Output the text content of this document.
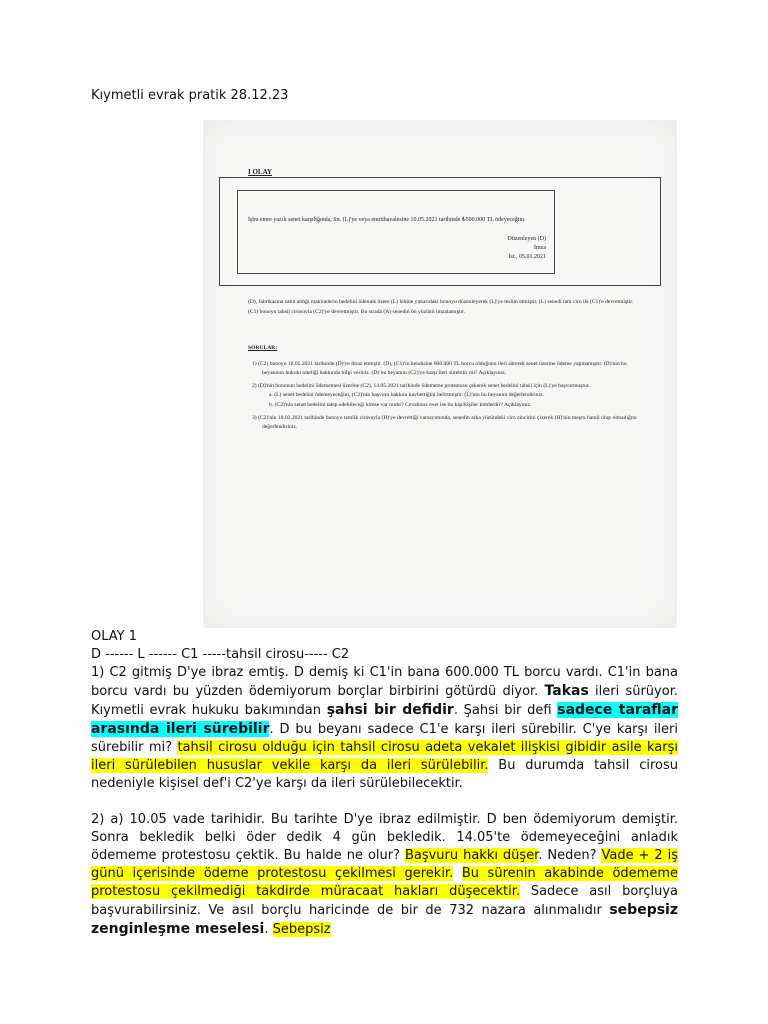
Kıymetli evrak pratik 28.12.23
I OLAY
İşbu emre yazılı senet karşılığında, Sn. (L)'ye veya emrühavalesine 10.05.2021 tarihinde ₺500.000 TL ödeyeceğim.
Düzenleyen (D)
İmza
İst., 05.01.2021

(D), fabrikasına satın aldığı makinelerin bedelini ödemek üzere (L) lehine yukarıdaki bonoyu düzenleyerek (L)'ye teslim etmiştir. (L) senedi tam ciro ile (C1)'e devretmiştir. (C1) bonoyu tahsil cirosuyla (C2)'ye devretmiştir. Bu sırada (A) senedin ön yüzünü imzalamıştır.

SORULAR:

1) (C2) bonoyu 10.05.2021 tarihinde (D)'ye ibraz etmiştir. (D), (C1)'in kendisine 600.000 TL borcu olduğunu ileri sürerek senet üzerine ödeme yapmamıştır. (D)'nin bu beyanının hukuki niteliği hakkında bilgi veriniz. (D) bu beyanını (C2)'ye karşı ileri sürebilir mi? Açıklayınız.

2) (D)'nin bononun bedelini ödememesi üzerine (C2), 14.05.2021 tarihinde ödememe protestosu çekerek senet bedelini tahsil için (L)'ye başvurmuştur.

a. (L) senet bedelini ödemeyeceğini, (C2)'nin başvuru hakkını kaybettiğini belirtmiştir. (L)'nin bu beyanını değerlendiriniz.

b. (C2)'nin senet bedelini talep edebileceği kimse var mıdır? Cevabınız evet ise bu kişi/kişiler kimlerdir? Açıklayınız.

3) (C2)'nin 10.03.2021 tarihinde bonoyu temlik cirosuyla (H)'ye devrettiği varsayımında, senedin arka yüzündeki ciro zincirini çizerek (H)'nin meşru hamil olup olmadığını değerlendiriniz.

OLAY 1

D ------ L ------ C1 -----tahsil cirosu----- C2

1) C2 gitmiş D'ye ibraz emtiş. D demiş ki C1'in bana 600.000 TL borcu vardı. C1'in bana borcu vardı bu yüzden ödemiyorum borçlar birbirini götürdü diyor. Takas ileri sürüyor. Kıymetli evrak hukuku bakımından şahsi bir defidir. Şahsi bir defi sadece taraflar arasında ileri sürebilir. D bu beyanı sadece C1'e karşı ileri sürebilir. C'ye karşı ileri sürebilir mi? tahsil cirosu olduğu için tahsil cirosu adeta vekalet ilişkisi gibidir asile karşı ileri sürülebilen hususlar vekile karşı da ileri sürülebilir. Bu durumda tahsil cirosu nedeniyle kişisel def'i C2'ye karşı da ileri sürülebilecektir.

2) a) 10.05 vade tarihidir. Bu tarihte D'ye ibraz edilmiştir. D ben ödemiyorum demiştir. Sonra bekledik belki öder dedik 4 gün bekledik. 14.05'te ödemeyeceğini anladık ödememe protestosu çektik. Bu halde ne olur? Başvuru hakkı düşer. Neden? Vade + 2 iş günü içerisinde ödeme protestosu çekilmesi gerekir. Bu sürenin akabinde ödememe protestosu çekilmediği takdirde müracaat hakları düşecektir. Sadece asıl borçluya başvurabilirsiniz. Ve asıl borçlu haricinde de bir de 732 nazara alınmalıdır sebepsiz zenginleşme meselesi. Sebepsiz
